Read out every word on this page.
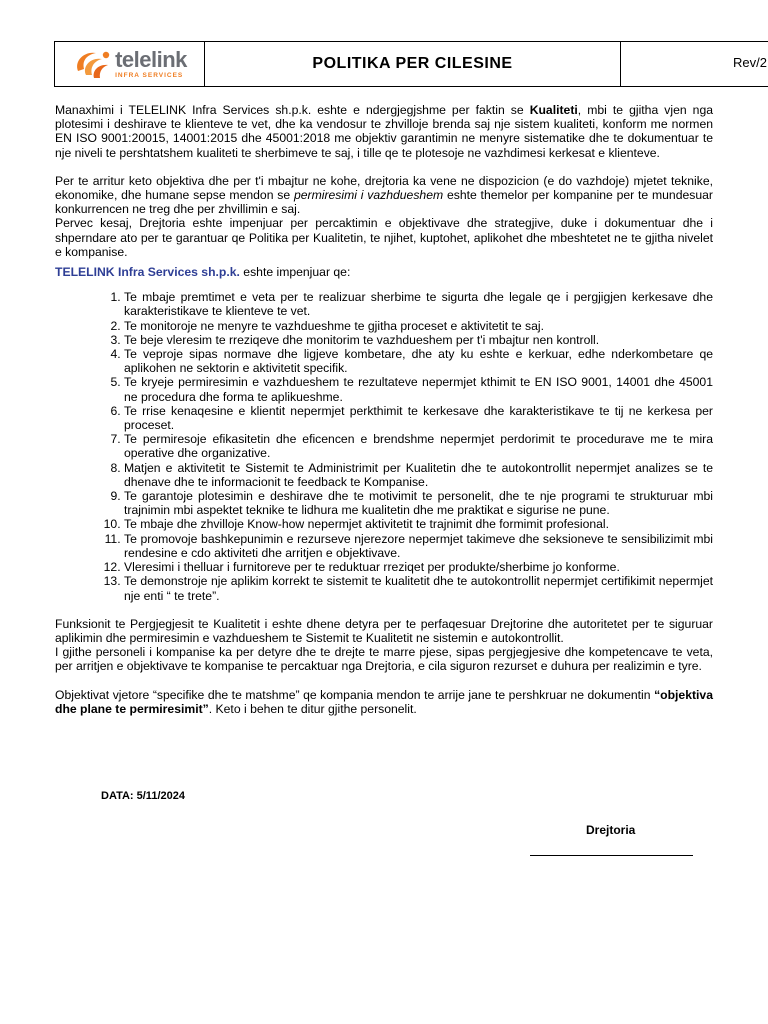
telelink
INFRA SERVICES
POLITIKA PER CILESINE	Rev/2

Manaxhimi i TELELINK Infra Services sh.p.k. eshte e ndergjegjshme per faktin se Kualiteti, mbi te gjitha vjen nga plotesimi i deshirave te klienteve te vet, dhe ka vendosur te zhvilloje brenda saj nje sistem kualiteti, konform me normen EN ISO 9001:20015, 14001:2015 dhe 45001:2018 me objektiv garantimin ne menyre sistematike dhe te dokumentuar te nje niveli te pershtatshem kualiteti te sherbimeve te saj, i tille qe te plotesoje ne vazhdimesi kerkesat e klienteve.

Per te arritur keto objektiva dhe per t'i mbajtur ne kohe, drejtoria ka vene ne dispozicion (e do vazhdoje) mjetet teknike, ekonomike, dhe humane sepse mendon se permiresimi i vazhdueshem eshte themelor per kompanine per te mundesuar konkurrencen ne treg dhe per zhvillimin e saj.

Pervec kesaj, Drejtoria eshte impenjuar per percaktimin e objektivave dhe strategjive, duke i dokumentuar dhe i shperndare ato per te garantuar qe Politika per Kualitetin, te njihet, kuptohet, aplikohet dhe mbeshtetet ne te gjitha nivelet e kompanise.

TELELINK Infra Services sh.p.k. eshte impenjuar qe:

1. Te mbaje premtimet e veta per te realizuar sherbime te sigurta dhe legale qe i pergjigjen kerkesave dhe karakteristikave te klienteve te vet.
2. Te monitoroje ne menyre te vazhdueshme te gjitha proceset e aktivitetit te saj.
3. Te beje vleresim te rreziqeve dhe monitorim te vazhdueshem per t'i mbajtur nen kontroll.
4. Te veproje sipas normave dhe ligjeve kombetare, dhe aty ku eshte e kerkuar, edhe nderkombetare qe aplikohen ne sektorin e aktivitetit specifik.
5. Te kryeje permiresimin e vazhdueshem te rezultateve nepermjet kthimit te EN ISO 9001, 14001 dhe 45001 ne procedura dhe forma te aplikueshme.
6. Te rrise kenaqesine e klientit nepermjet perkthimit te kerkesave dhe karakteristikave te tij ne kerkesa per proceset.
7. Te permiresoje efikasitetin dhe eficencen e brendshme nepermjet perdorimit te procedurave me te mira operative dhe organizative.
8. Matjen e aktivitetit te Sistemit te Administrimit per Kualitetin dhe te autokontrollit nepermjet analizes se te dhenave dhe te informacionit te feedback te Kompanise.
9. Te garantoje plotesimin e deshirave dhe te motivimit te personelit, dhe te nje programi te strukturuar mbi trajnimin mbi aspektet teknike te lidhura me kualitetin dhe me praktikat e sigurise ne pune.
10. Te mbaje dhe zhvilloje Know-how nepermjet aktivitetit te trajnimit dhe formimit profesional.
11. Te promovoje bashkepunimin e rezurseve njerezore nepermjet takimeve dhe seksioneve te sensibilizimit mbi rendesine e cdo aktiviteti dhe arritjen e objektivave.
12. Vleresimi i thelluar i furnitoreve per te reduktuar rreziqet per produkte/sherbime jo konforme.
13. Te demonstroje nje aplikim korrekt te sistemit te kualitetit dhe te autokontrollit nepermjet certifikimit nepermjet nje enti “ te trete”.

Funksionit te Pergjegjesit te Kualitetit i eshte dhene detyra per te perfaqesuar Drejtorine dhe autoritetet per te siguruar aplikimin dhe permiresimin e vazhdueshem te Sistemit te Kualitetit ne sistemin e autokontrollit.

I gjithe personeli i kompanise ka per detyre dhe te drejte te marre pjese, sipas pergjegjesive dhe kompetencave te veta, per arritjen e objektivave te kompanise te percaktuar nga Drejtoria, e cila siguron rezurset e duhura per realizimin e tyre.

Objektivat vjetore “specifike dhe te matshme” qe kompania mendon te arrije jane te pershkruar ne dokumentin “objektiva dhe plane te permiresimit”. Keto i behen te ditur gjithe personelit.

DATA: 5/11/2024
Drejtoria
